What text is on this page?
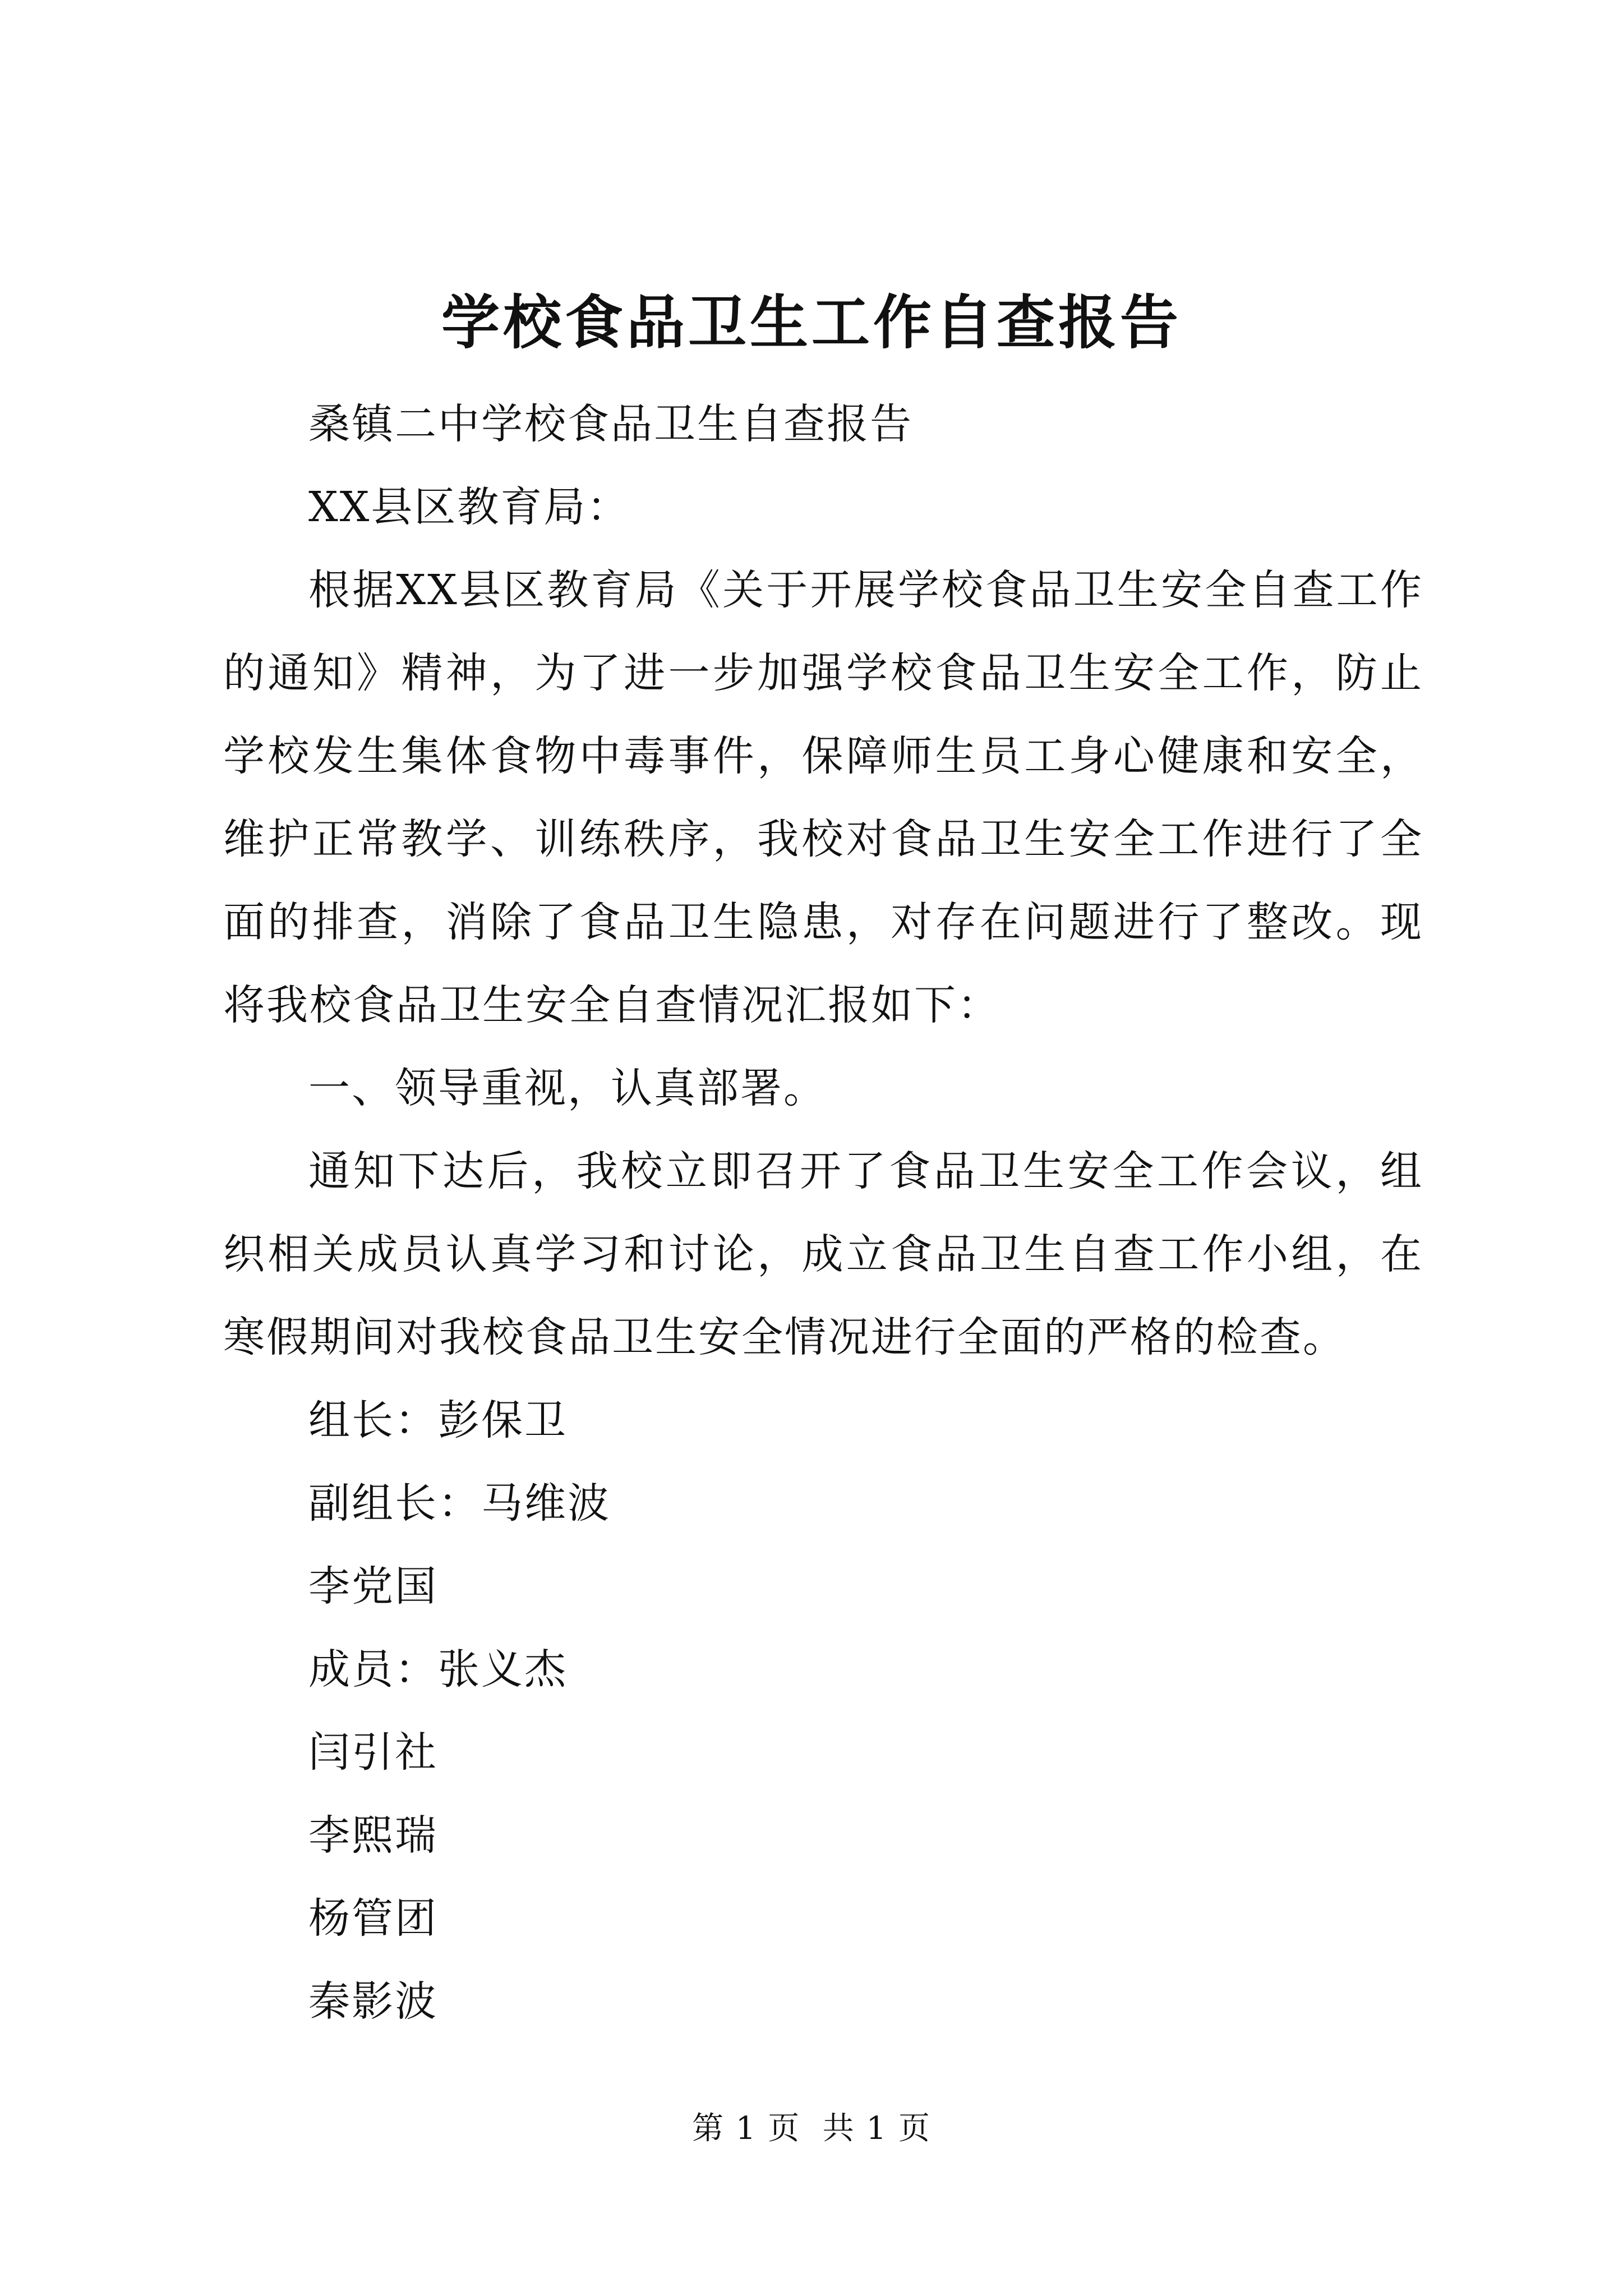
学校食品卫生工作自查报告

桑镇二中学校食品卫生自查报告

XX县区教育局：

根据XX县区教育局《关于开展学校食品卫生安全自查工作的通知》精神，为了进一步加强学校食品卫生安全工作，防止学校发生集体食物中毒事件，保障师生员工身心健康和安全，维护正常教学、训练秩序，我校对食品卫生安全工作进行了全面的排查，消除了食品卫生隐患，对存在问题进行了整改。现将我校食品卫生安全自查情况汇报如下：

一、领导重视，认真部署。

通知下达后，我校立即召开了食品卫生安全工作会议，组织相关成员认真学习和讨论，成立食品卫生自查工作小组，在寒假期间对我校食品卫生安全情况进行全面的严格的检查。

组长：彭保卫

副组长：马维波

李党国

成员：张义杰

闫引社

李熙瑞

杨管团

秦影波

第 1 页  共 1 页
